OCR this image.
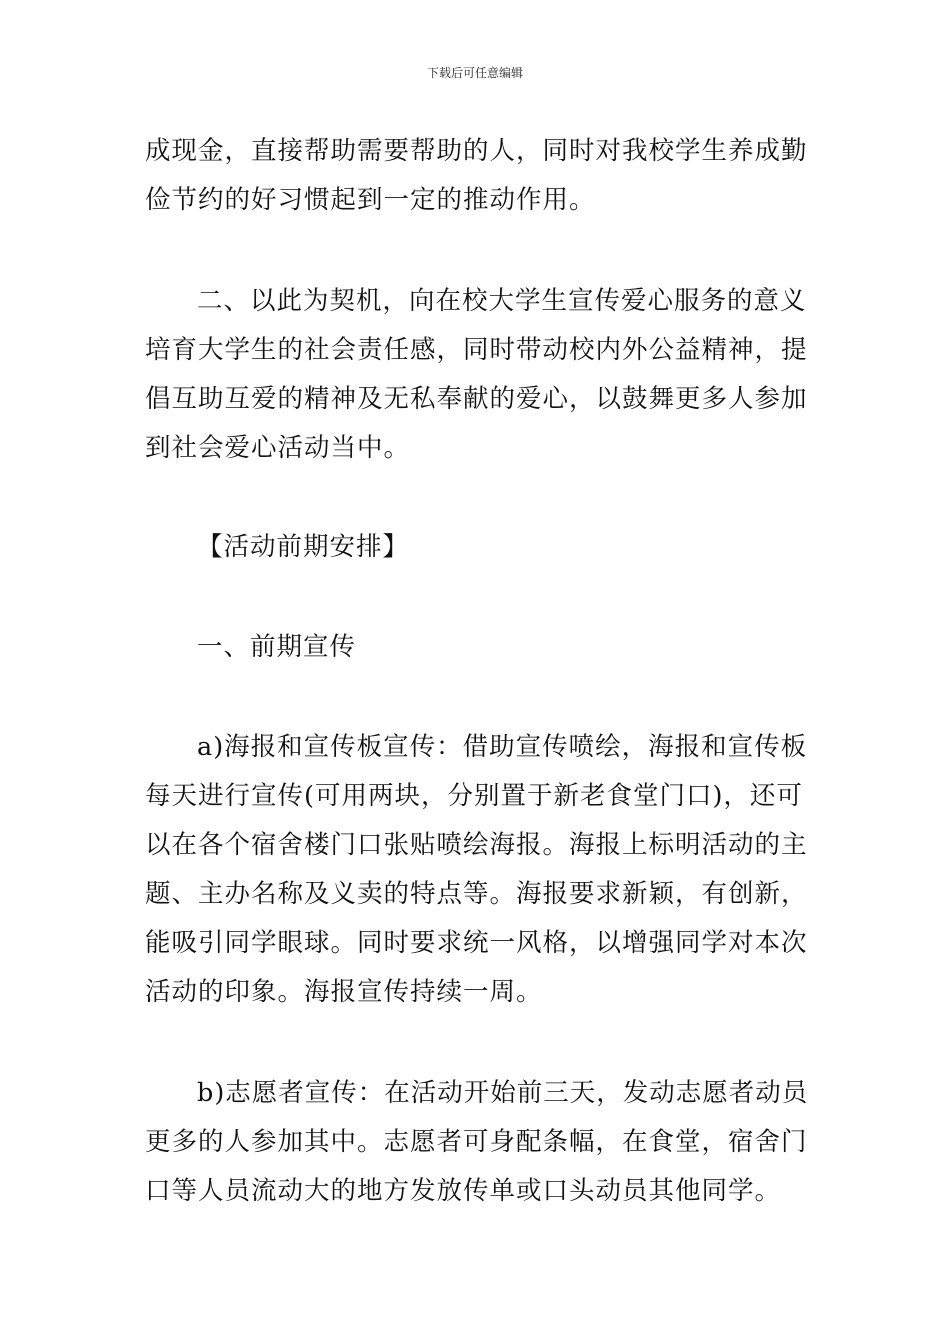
下载后可任意编辑
成现金，直接帮助需要帮助的人，同时对我校学生养成勤
俭节约的好习惯起到一定的推动作用。
二、以此为契机，向在校大学生宣传爱心服务的意义
培育大学生的社会责任感，同时带动校内外公益精神，提
倡互助互爱的精神及无私奉献的爱心，以鼓舞更多人参加
到社会爱心活动当中。
【活动前期安排】
一、前期宣传
a)海报和宣传板宣传：借助宣传喷绘，海报和宣传板
每天进行宣传(可用两块，分别置于新老食堂门口)，还可
以在各个宿舍楼门口张贴喷绘海报。海报上标明活动的主
题、主办名称及义卖的特点等。海报要求新颖，有创新，
能吸引同学眼球。同时要求统一风格，以增强同学对本次
活动的印象。海报宣传持续一周。
b)志愿者宣传：在活动开始前三天，发动志愿者动员
更多的人参加其中。志愿者可身配条幅，在食堂，宿舍门
口等人员流动大的地方发放传单或口头动员其他同学。
